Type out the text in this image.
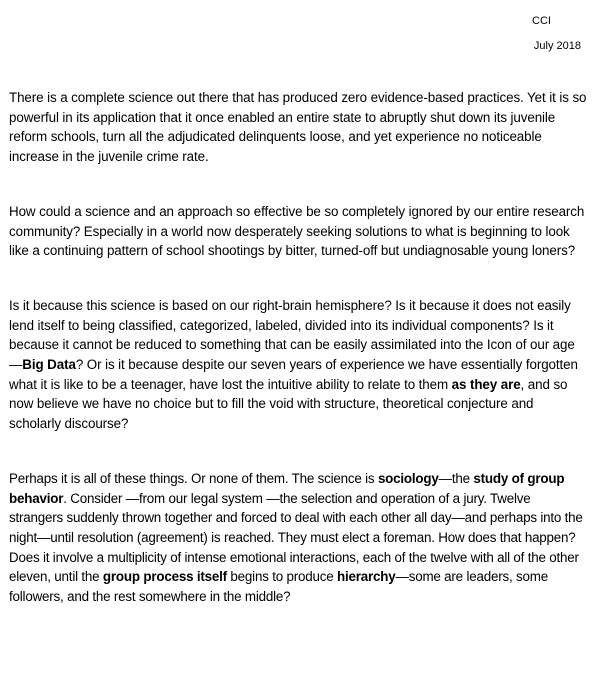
CCI
July 2018

There is a complete science out there that has produced zero evidence-based practices. Yet it is so powerful in its application that it once enabled an entire state to abruptly shut down its juvenile reform schools, turn all the adjudicated delinquents loose, and yet experience no noticeable increase in the juvenile crime rate.

How could a science and an approach so effective be so completely ignored by our entire research community? Especially in a world now desperately seeking solutions to what is beginning to look like a continuing pattern of school shootings by bitter, turned-off but undiagnosable young loners?

Is it because this science is based on our right-brain hemisphere? Is it because it does not easily lend itself to being classified, categorized, labeled, divided into its individual components? Is it because it cannot be reduced to something that can be easily assimilated into the Icon of our age—Big Data? Or is it because despite our seven years of experience we have essentially forgotten what it is like to be a teenager, have lost the intuitive ability to relate to them as they are, and so now believe we have no choice but to fill the void with structure, theoretical conjecture and scholarly discourse?

Perhaps it is all of these things. Or none of them. The science is sociology—the study of group behavior. Consider —from our legal system —the selection and operation of a jury. Twelve strangers suddenly thrown together and forced to deal with each other all day—and perhaps into the night—until resolution (agreement) is reached. They must elect a foreman. How does that happen? Does it involve a multiplicity of intense emotional interactions, each of the twelve with all of the other eleven, until the group process itself begins to produce hierarchy—some are leaders, some followers, and the rest somewhere in the middle?
